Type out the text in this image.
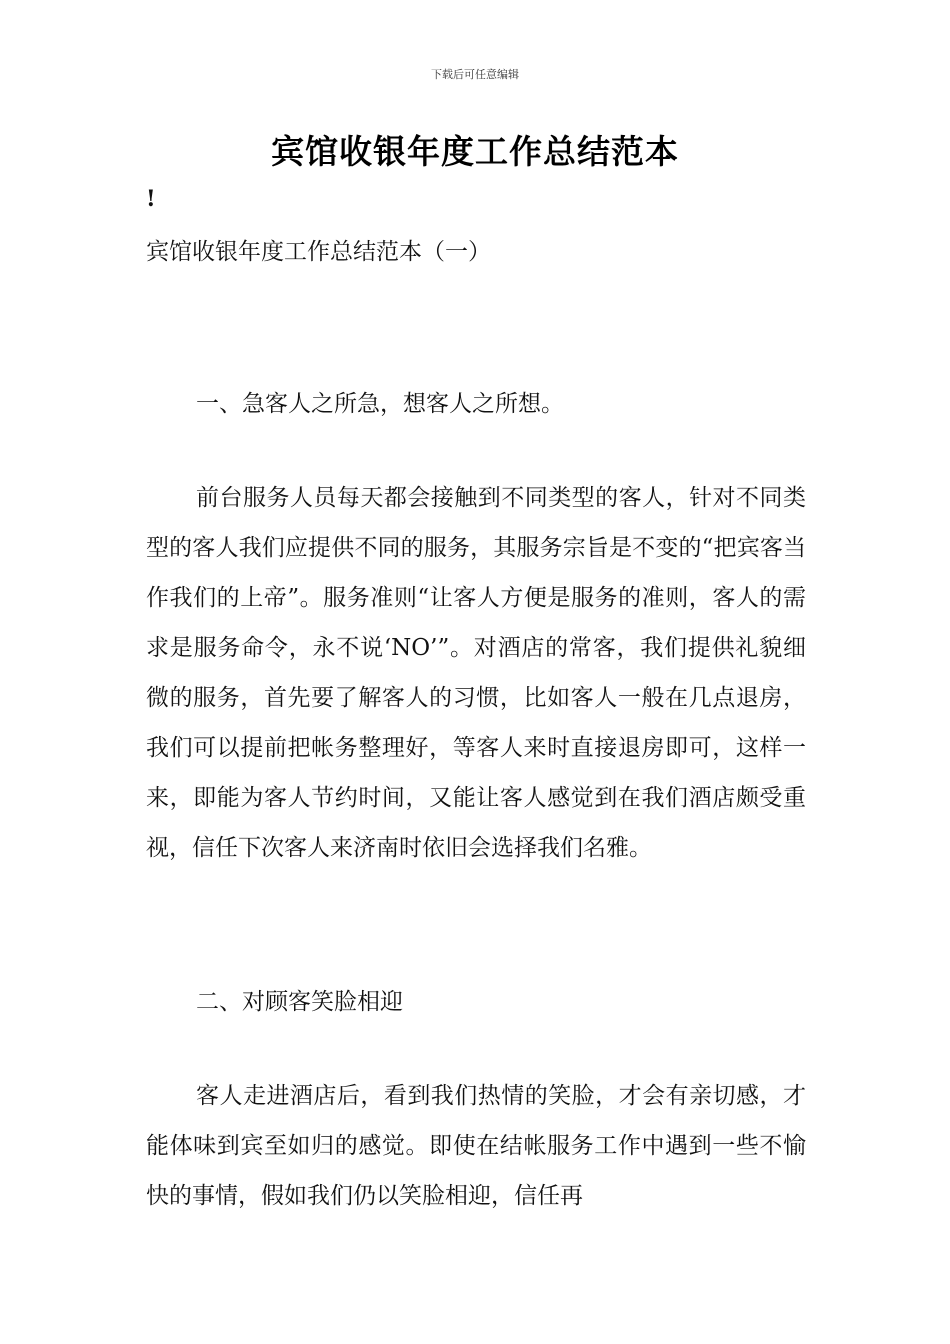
下载后可任意编辑
宾馆收银年度工作总结范本
!
宾馆收银年度工作总结范本（一）
一、急客人之所急，想客人之所想。
前台服务人员每天都会接触到不同类型的客人，针对不同类型的客人我们应提供不同的服务，其服务宗旨是不变的“把宾客当作我们的上帝”。服务准则“让客人方便是服务的准则，客人的需求是服务命令，永不说‘NO’”。对酒店的常客，我们提供礼貌细微的服务，首先要了解客人的习惯，比如客人一般在几点退房，我们可以提前把帐务整理好，等客人来时直接退房即可，这样一来，即能为客人节约时间，又能让客人感觉到在我们酒店颇受重视，信任下次客人来济南时依旧会选择我们名雅。
二、对顾客笑脸相迎
客人走进酒店后，看到我们热情的笑脸，才会有亲切感，才能体味到宾至如归的感觉。即使在结帐服务工作中遇到一些不愉快的事情，假如我们仍以笑脸相迎，信任再
